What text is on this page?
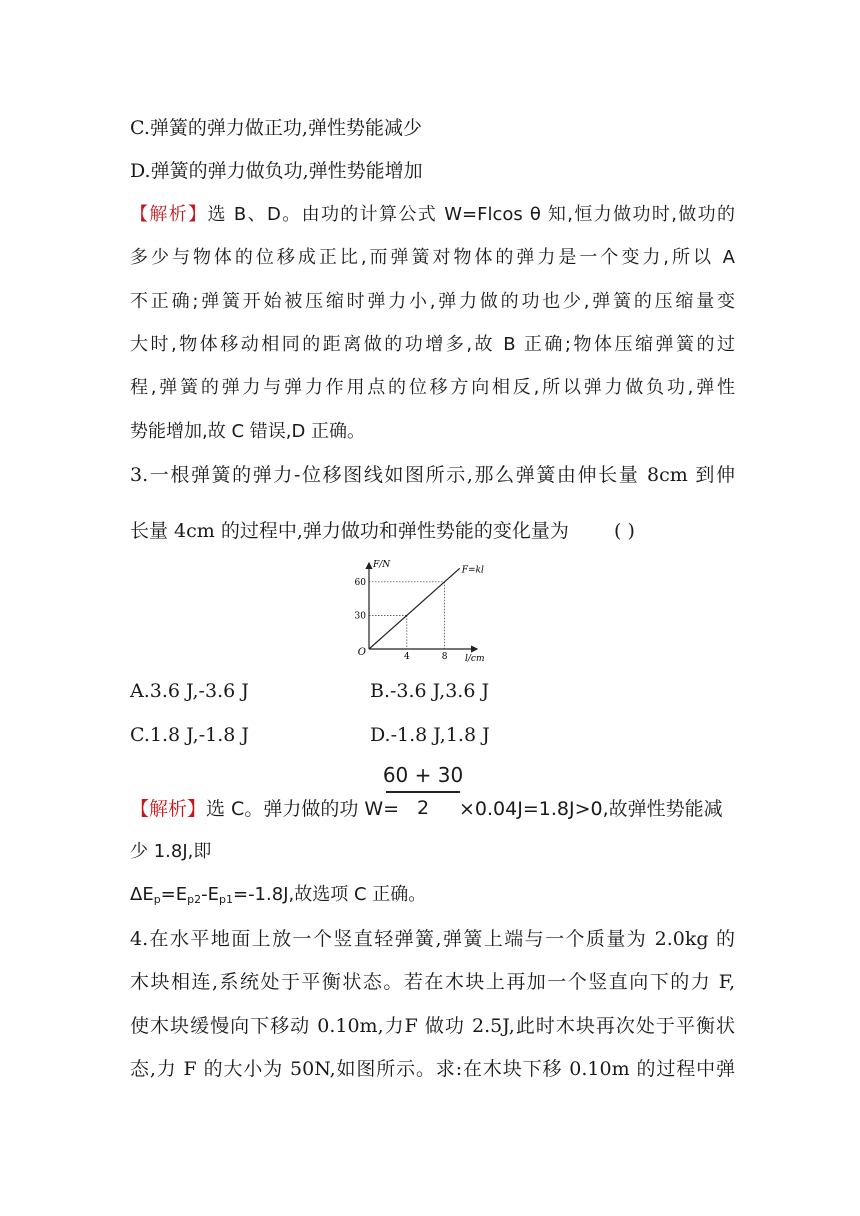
C.弹簧的弹力做正功,弹性势能减少
D.弹簧的弹力做负功,弹性势能增加
【解析】选 B、D。由功的计算公式 W=Flcos θ 知,恒力做功时,做功的
多少与物体的位移成正比,而弹簧对物体的弹力是一个变力,所以 A
不正确;弹簧开始被压缩时弹力小,弹力做的功也少,弹簧的压缩量变
大时,物体移动相同的距离做的功增多,故 B 正确;物体压缩弹簧的过
程,弹簧的弹力与弹力作用点的位移方向相反,所以弹力做负功,弹性
势能增加,故 C 错误,D 正确。
3.一根弹簧的弹力-位移图线如图所示,那么弹簧由伸长量 8cm 到伸
长量 4cm 的过程中,弹力做功和弹性势能的变化量为 ( )
F/N
l/cm
O
F=kl
4
30
8
60
A.3.6 J,-3.6 J	B.-3.6 J,3.6 J
C.1.8 J,-1.8 J	D.-1.8 J,1.8 J
60 + 30
2
【解析】选 C。弹力做的功 W=	×0.04J=1.8J>0,故弹性势能减
少 1.8J,即
$\Delta E_p=E_{p2}-E_{p1}=-1.8J$,故选项 C 正确。
4.在水平地面上放一个竖直轻弹簧,弹簧上端与一个质量为 2.0kg 的
木块相连,系统处于平衡状态。若在木块上再加一个竖直向下的力 F,
使木块缓慢向下移动 0.10m,力F 做功 2.5J,此时木块再次处于平衡状
态,力 F 的大小为 50N,如图所示。求:在木块下移 0.10m 的过程中弹
